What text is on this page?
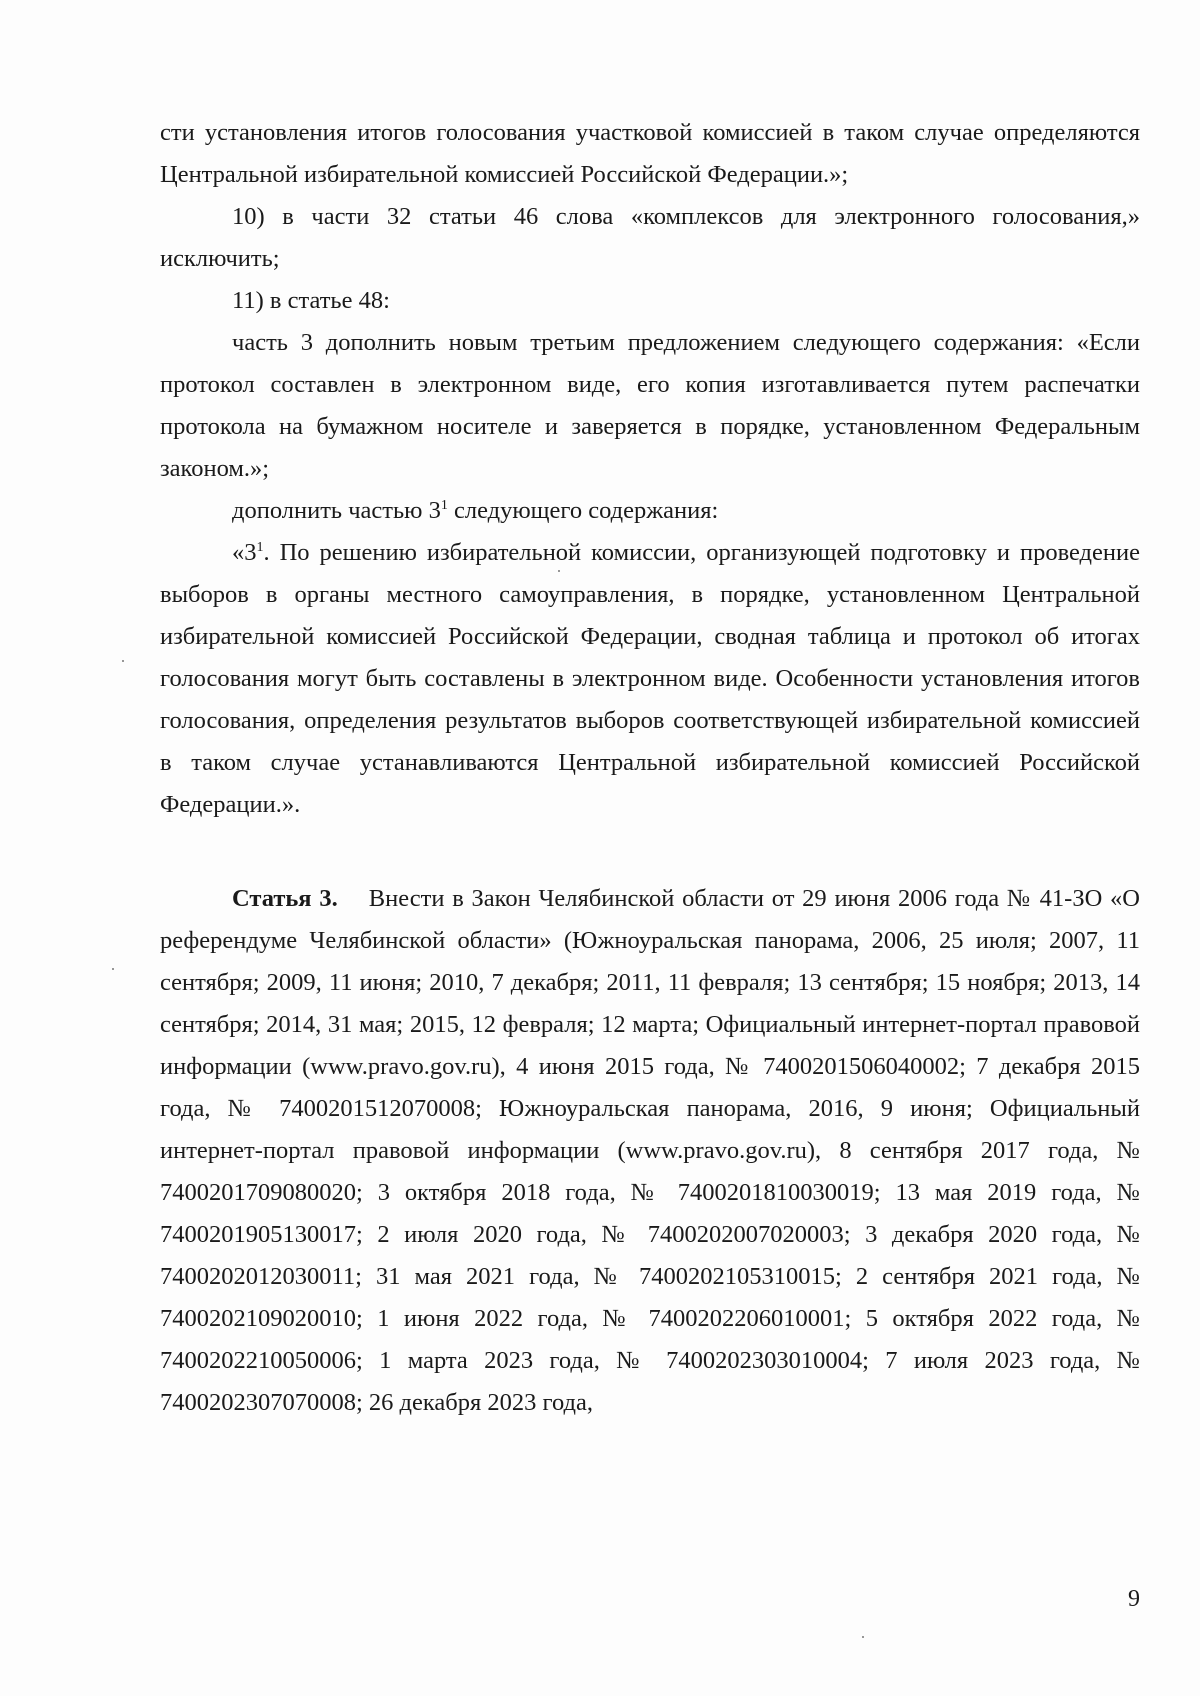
сти установления итогов голосования участковой комиссией в таком случае определяются Центральной избирательной комиссией Российской Федерации.»;

10) в части 32 статьи 46 слова «комплексов для электронного голосования,» исключить;

11) в статье 48:

часть 3 дополнить новым третьим предложением следующего содержания: «Если протокол составлен в электронном виде, его копия изготавливается путем распечатки протокола на бумажном носителе и заверяется в порядке, установленном Федеральным законом.»;

дополнить частью $3^1$ следующего содержания:

«$3^1$. По решению избирательной комиссии, организующей подготовку и проведение выборов в органы местного самоуправления, в порядке, установленном Центральной избирательной комиссией Российской Федерации, сводная таблица и протокол об итогах голосования могут быть составлены в электронном виде. Особенности установления итогов голосования, определения результатов выборов соответствующей избирательной комиссией в таком случае устанавливаются Центральной избирательной комиссией Российской Федерации.».

Статья 3. Внести в Закон Челябинской области от 29 июня 2006 года № 41-ЗО «О референдуме Челябинской области» (Южноуральская панорама, 2006, 25 июля; 2007, 11 сентября; 2009, 11 июня; 2010, 7 декабря; 2011, 11 февраля; 13 сентября; 15 ноября; 2013, 14 сентября; 2014, 31 мая; 2015, 12 февраля; 12 марта; Официальный интернет-портал правовой информации (www.pravo.gov.ru), 4 июня 2015 года, № 7400201506040002; 7 декабря 2015 года, № 7400201512070008; Южноуральская панорама, 2016, 9 июня; Официальный интернет-портал правовой информации (www.pravo.gov.ru), 8 сентября 2017 года, № 7400201709080020; 3 октября 2018 года, № 7400201810030019; 13 мая 2019 года, № 7400201905130017; 2 июля 2020 года, № 7400202007020003; 3 декабря 2020 года, № 7400202012030011; 31 мая 2021 года, № 7400202105310015; 2 сентября 2021 года, № 7400202109020010; 1 июня 2022 года, № 7400202206010001; 5 октября 2022 года, № 7400202210050006; 1 марта 2023 года, № 7400202303010004; 7 июля 2023 года, № 7400202307070008; 26 декабря 2023 года,

9
